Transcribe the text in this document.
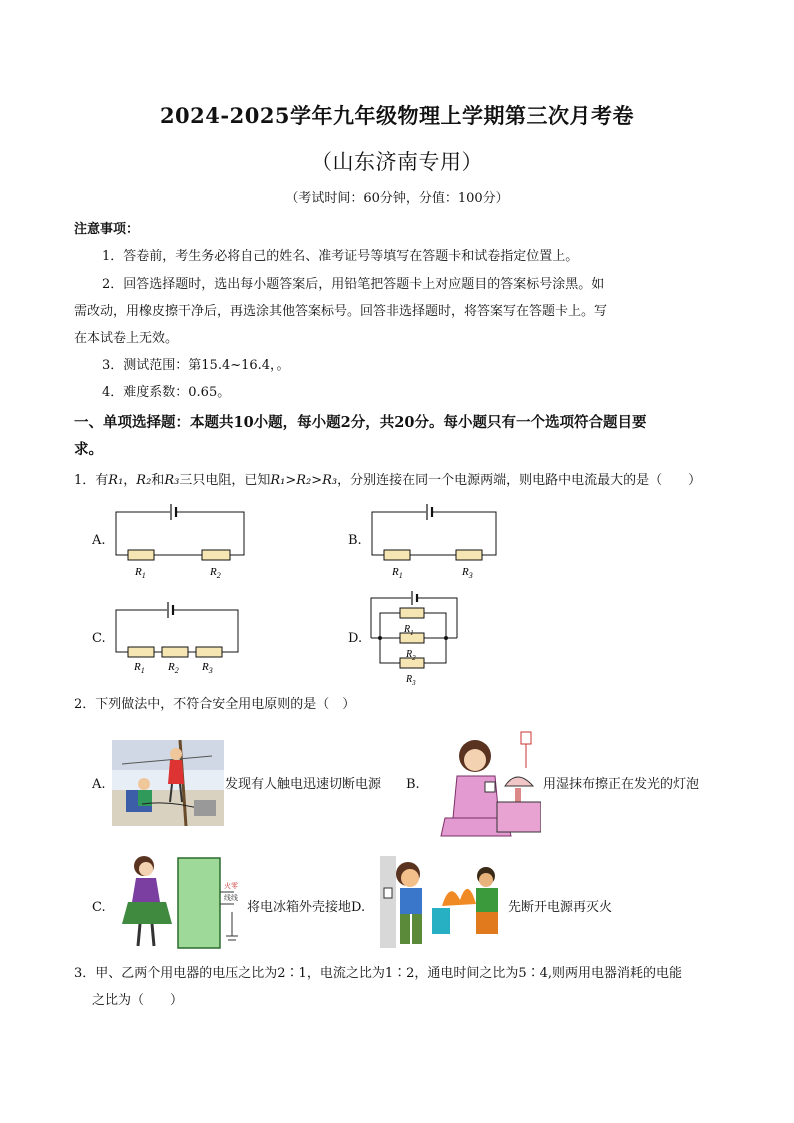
2024-2025学年九年级物理上学期第三次月考卷
（山东济南专用）
（考试时间：60分钟，分值：100分）
注意事项：
1．答卷前，考生务必将自己的姓名、准考证号等填写在答题卡和试卷指定位置上。
2．回答选择题时，选出每小题答案后，用铅笔把答题卡上对应题目的答案标号涂黑。如
需改动，用橡皮擦干净后，再选涂其他答案标号。回答非选择题时，将答案写在答题卡上。写
在本试卷上无效。
3．测试范围：第15.4~16.4，。
4．难度系数：0.65。
一、单项选择题：本题共10小题，每小题2分，共20分。每小题只有一个选项符合题目要
求。
1．有R₁，R₂和R₃三只电阻，已知R₁>R₂>R₃，分别连接在同一个电源两端，则电路中电流最大的是（　　）
A.
$R_1$	$R_2$
B.
$R_1$	$R_3$
C.
$R_1$ $R_2$ $R_3$
D.
$R_1$
$R_2$
$R_3$
2．下列做法中，不符合安全用电原则的是（　）
A.	发现有人触电迅速切断电源 B.	用湿抹布擦正在发光的灯泡
C.
火零
线线
将电冰箱外壳接地D.	先断开电源再灭火
3．甲、乙两个用电器的电压之比为2∶1，电流之比为1∶2，通电时间之比为5∶4,则两用电器消耗的电能
之比为（　　）
